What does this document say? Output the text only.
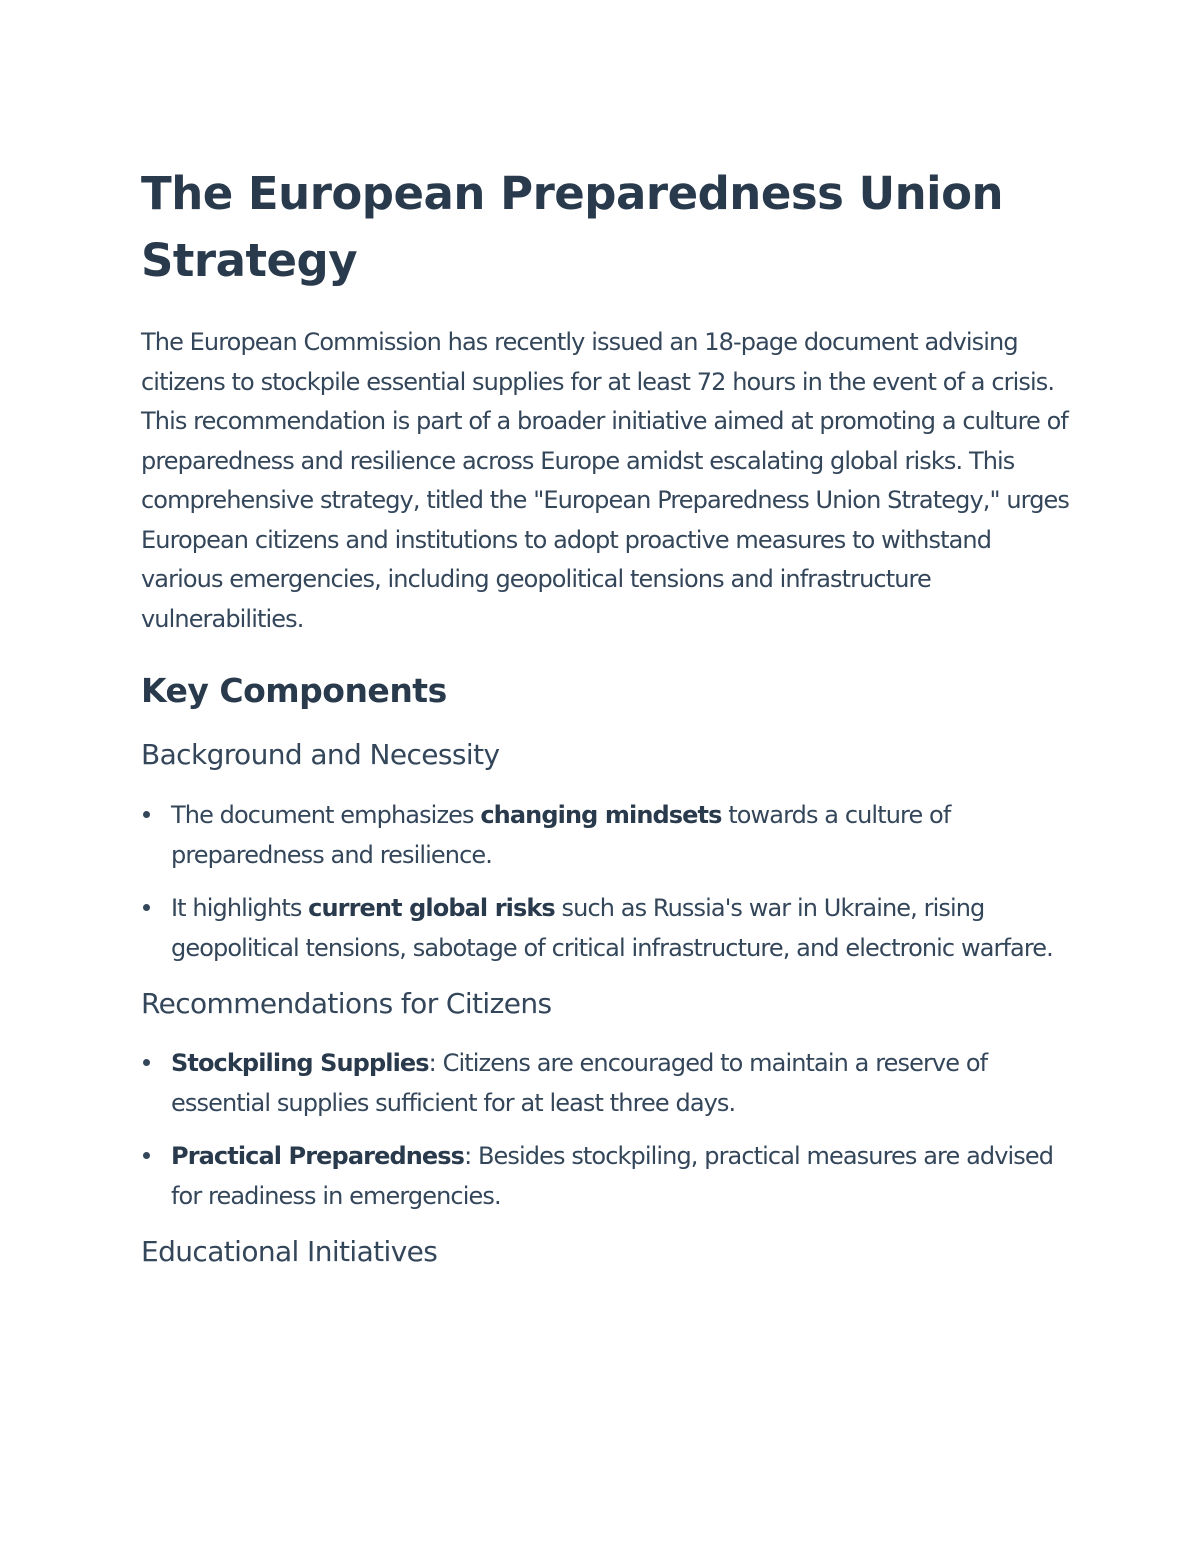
The European Preparedness Union Strategy

The European Commission has recently issued an 18-page document advising citizens to stockpile essential supplies for at least 72 hours in the event of a crisis. This recommendation is part of a broader initiative aimed at promoting a culture of preparedness and resilience across Europe amidst escalating global risks. This comprehensive strategy, titled the "European Preparedness Union Strategy," urges European citizens and institutions to adopt proactive measures to withstand various emergencies, including geopolitical tensions and infrastructure vulnerabilities.

Key Components
Background and Necessity
The document emphasizes changing mindsets towards a culture of preparedness and resilience.
It highlights current global risks such as Russia's war in Ukraine, rising geopolitical tensions, sabotage of critical infrastructure, and electronic warfare.
Recommendations for Citizens
Stockpiling Supplies: Citizens are encouraged to maintain a reserve of essential supplies sufficient for at least three days.
Practical Preparedness: Besides stockpiling, practical measures are advised for readiness in emergencies.
Educational Initiatives
